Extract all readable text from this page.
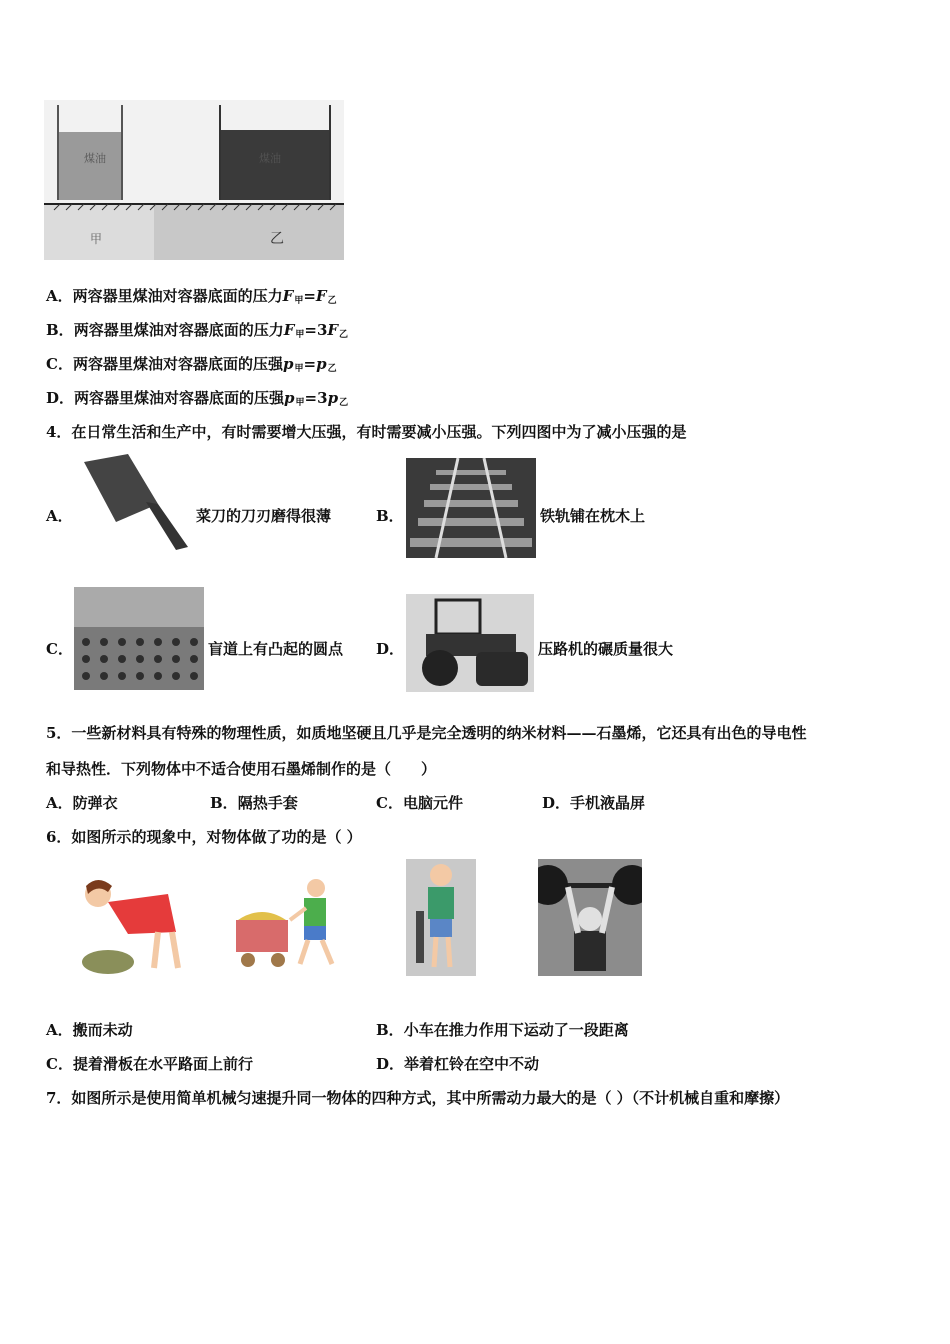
煤油	煤油
甲	乙
A．两容器里煤油对容器底面的压力$F_甲=F_乙$
B．两容器里煤油对容器底面的压力$F_甲=3F_乙$
C．两容器里煤油对容器底面的压强$p_甲=p_乙$
D．两容器里煤油对容器底面的压强$p_甲=3p_乙$
4．在日常生活和生产中，有时需要增大压强，有时需要减小压强。下列四图中为了减小压强的是
A．	菜刀的刀刃磨得很薄	B．	铁轨铺在枕木上
C．	盲道上有凸起的圆点 D．	压路机的碾质量很大
5．一些新材料具有特殊的物理性质，如质地坚硬且几乎是完全透明的纳米材料——石墨烯，它还具有出色的导电性
和导热性．下列物体中不适合使用石墨烯制作的是（　　）
A．防弹衣	B．隔热手套	C．电脑元件	D．手机液晶屏
6．如图所示的现象中，对物体做了功的是（ ）
A．搬而未动	B．小车在推力作用下运动了一段距离
C．提着滑板在水平路面上前行	D．举着杠铃在空中不动
7．如图所示是使用简单机械匀速提升同一物体的四种方式，其中所需动力最大的是（ ）（不计机械自重和摩擦）
